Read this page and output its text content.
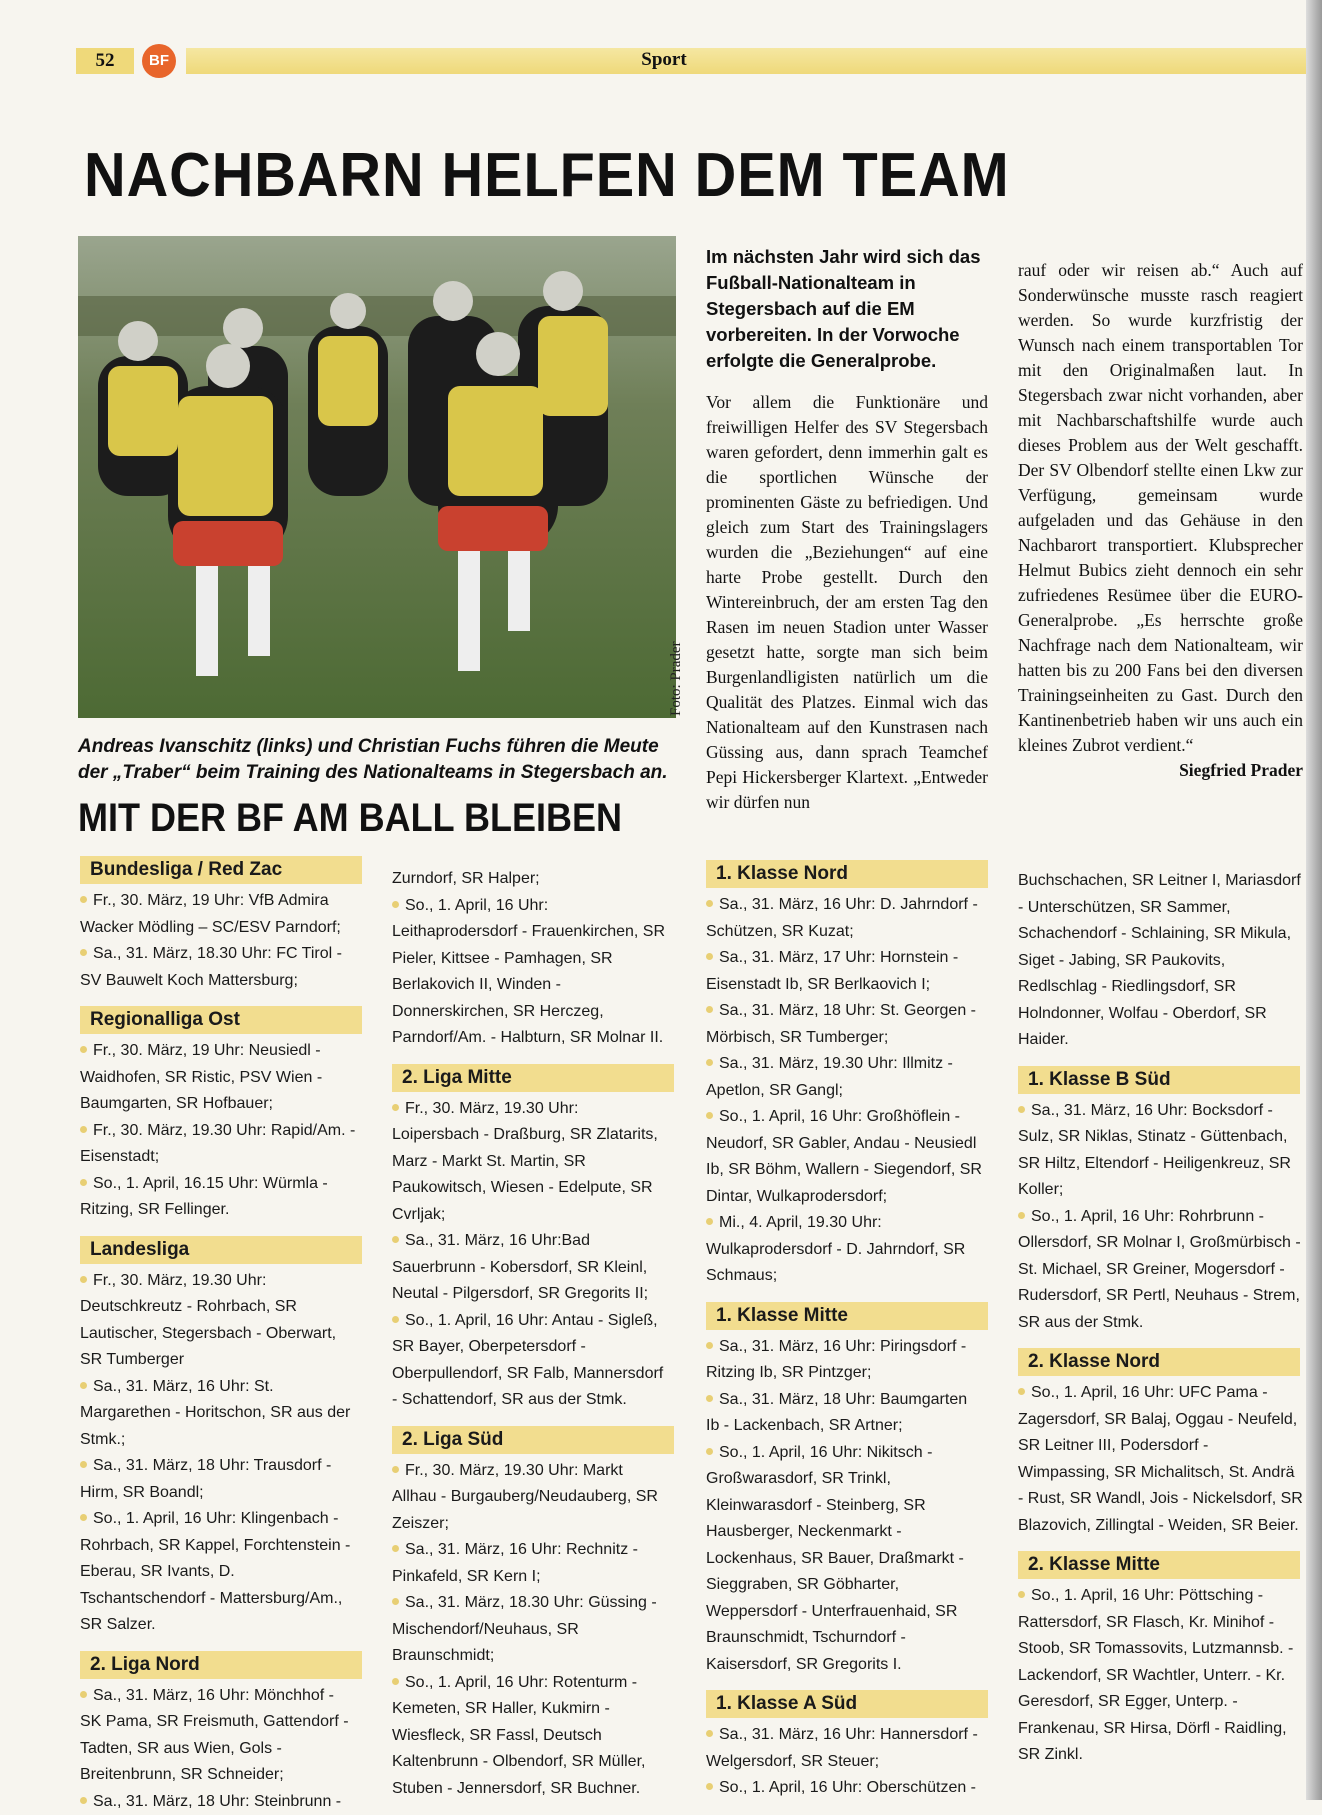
52	BF	Sport
NACHBARN HELFEN DEM TEAM
Foto: Prader
Andreas Ivanschitz (links) und Christian Fuchs führen die Meute der „Traber“ beim Training des Nationalteams in Stegersbach an.
MIT DER BF AM BALL BLEIBEN
Im nächsten Jahr wird sich das Fußball-Nationalteam in Stegersbach auf die EM vorbereiten. In der Vorwoche erfolgte die Generalprobe.
Vor allem die Funktionäre und freiwilligen Helfer des SV Stegersbach waren gefordert, denn immerhin galt es die sportlichen Wünsche der prominenten Gäste zu befriedigen. Und gleich zum Start des Trainingslagers wurden die „Beziehungen“ auf eine harte Probe gestellt. Durch den Wintereinbruch, der am ersten Tag den Rasen im neuen Stadion unter Wasser gesetzt hatte, sorgte man sich beim Burgenlandligisten natürlich um die Qualität des Platzes. Einmal wich das Nationalteam auf den Kunstrasen nach Güssing aus, dann sprach Teamchef Pepi Hickersberger Klartext. „Entweder wir dürfen nun
rauf oder wir reisen ab.“ Auch auf Sonderwünsche musste rasch reagiert werden. So wurde kurzfristig der Wunsch nach einem transportablen Tor mit den Originalmaßen laut. In Stegersbach zwar nicht vorhanden, aber mit Nachbarschaftshilfe wurde auch dieses Problem aus der Welt geschafft. Der SV Olbendorf stellte einen Lkw zur Verfügung, gemeinsam wurde aufgeladen und das Gehäuse in den Nachbarort transportiert. Klubsprecher Helmut Bubics zieht dennoch ein sehr zufriedenes Resümee über die EURO-Generalprobe. „Es herrschte große Nachfrage nach dem Nationalteam, wir hatten bis zu 200 Fans bei den diversen Trainingseinheiten zu Gast. Durch den Kantinenbetrieb haben wir uns auch ein kleines Zubrot verdient.“
Siegfried Prader
Bundesliga / Red Zac

Fr., 30. März, 19 Uhr: VfB Admira Wacker Mödling – SC/ESV Parndorf;

Sa., 31. März, 18.30 Uhr: FC Tirol - SV Bauwelt Koch Mattersburg;

Regionalliga Ost

Fr., 30. März, 19 Uhr: Neusiedl - Waidhofen, SR Ristic, PSV Wien - Baumgarten, SR Hofbauer;

Fr., 30. März, 19.30 Uhr: Rapid/Am. - Eisenstadt;

So., 1. April, 16.15 Uhr: Würmla - Ritzing, SR Fellinger.

Landesliga

Fr., 30. März, 19.30 Uhr: Deutschkreutz - Rohrbach, SR Lautischer, Stegersbach - Oberwart, SR Tumberger

Sa., 31. März, 16 Uhr: St. Margarethen - Horitschon, SR aus der Stmk.;

Sa., 31. März, 18 Uhr: Trausdorf - Hirm, SR Boandl;

So., 1. April, 16 Uhr: Klingenbach - Rohrbach, SR Kappel, Forchtenstein - Eberau, SR Ivants, D. Tschantschendorf - Mattersburg/Am., SR Salzer.

2. Liga Nord

Sa., 31. März, 16 Uhr: Mönchhof - SK Pama, SR Freismuth, Gattendorf - Tadten, SR aus Wien, Gols - Breitenbrunn, SR Schneider;

Sa., 31. März, 18 Uhr: Steinbrunn -

Zurndorf, SR Halper;

So., 1. April, 16 Uhr: Leithaprodersdorf - Frauenkirchen, SR Pieler, Kittsee - Pamhagen, SR Berlakovich II, Winden - Donnerskirchen, SR Herczeg, Parndorf/Am. - Halbturn, SR Molnar II.

2. Liga Mitte

Fr., 30. März, 19.30 Uhr: Loipersbach - Draßburg, SR Zlatarits, Marz - Markt St. Martin, SR Paukowitsch, Wiesen - Edelpute, SR Cvrljak;

Sa., 31. März, 16 Uhr:Bad Sauerbrunn - Kobersdorf, SR Kleinl, Neutal - Pilgersdorf, SR Gregorits II;

So., 1. April, 16 Uhr: Antau - Sigleß, SR Bayer, Oberpetersdorf - Oberpullendorf, SR Falb, Mannersdorf - Schattendorf, SR aus der Stmk.

2. Liga Süd

Fr., 30. März, 19.30 Uhr: Markt Allhau - Burgauberg/Neudauberg, SR Zeiszer;

Sa., 31. März, 16 Uhr: Rechnitz - Pinkafeld, SR Kern I;

Sa., 31. März, 18.30 Uhr: Güssing - Mischendorf/Neuhaus, SR Braunschmidt;

So., 1. April, 16 Uhr: Rotenturm - Kemeten, SR Haller, Kukmirn - Wiesfleck, SR Fassl, Deutsch Kaltenbrunn - Olbendorf, SR Müller, Stuben - Jennersdorf, SR Buchner.

1. Klasse Nord

Sa., 31. März, 16 Uhr: D. Jahrndorf - Schützen, SR Kuzat;

Sa., 31. März, 17 Uhr: Hornstein - Eisenstadt Ib, SR Berlkaovich I;

Sa., 31. März, 18 Uhr: St. Georgen - Mörbisch, SR Tumberger;

Sa., 31. März, 19.30 Uhr: Illmitz - Apetlon, SR Gangl;

So., 1. April, 16 Uhr: Großhöflein - Neudorf, SR Gabler, Andau - Neusiedl Ib, SR Böhm, Wallern - Siegendorf, SR Dintar, Wulkaprodersdorf;

Mi., 4. April, 19.30 Uhr: Wulkaprodersdorf - D. Jahrndorf, SR Schmaus;

1. Klasse Mitte

Sa., 31. März, 16 Uhr: Piringsdorf - Ritzing Ib, SR Pintzger;

Sa., 31. März, 18 Uhr: Baumgarten Ib - Lackenbach, SR Artner;

So., 1. April, 16 Uhr: Nikitsch - Großwarasdorf, SR Trinkl, Kleinwarasdorf - Steinberg, SR Hausberger, Neckenmarkt - Lockenhaus, SR Bauer, Draßmarkt - Sieggraben, SR Göbharter, Weppersdorf - Unterfrauenhaid, SR Braunschmidt, Tschurndorf - Kaisersdorf, SR Gregorits I.

1. Klasse A Süd

Sa., 31. März, 16 Uhr: Hannersdorf - Welgersdorf, SR Steuer;

So., 1. April, 16 Uhr: Oberschützen -

Buchschachen, SR Leitner I, Mariasdorf - Unterschützen, SR Sammer, Schachendorf - Schlaining, SR Mikula, Siget - Jabing, SR Paukovits, Redlschlag - Riedlingsdorf, SR Holndonner, Wolfau - Oberdorf, SR Haider.

1. Klasse B Süd

Sa., 31. März, 16 Uhr: Bocksdorf - Sulz, SR Niklas, Stinatz - Güttenbach, SR Hiltz, Eltendorf - Heiligenkreuz, SR Koller;

So., 1. April, 16 Uhr: Rohrbrunn - Ollersdorf, SR Molnar I, Großmürbisch - St. Michael, SR Greiner, Mogersdorf - Rudersdorf, SR Pertl, Neuhaus - Strem, SR aus der Stmk.

2. Klasse Nord

So., 1. April, 16 Uhr: UFC Pama - Zagersdorf, SR Balaj, Oggau - Neufeld, SR Leitner III, Podersdorf - Wimpassing, SR Michalitsch, St. Andrä - Rust, SR Wandl, Jois - Nickelsdorf, SR Blazovich, Zillingtal - Weiden, SR Beier.

2. Klasse Mitte

So., 1. April, 16 Uhr: Pöttsching - Rattersdorf, SR Flasch, Kr. Minihof - Stoob, SR Tomassovits, Lutzmannsb. - Lackendorf, SR Wachtler, Unterr. - Kr. Geresdorf, SR Egger, Unterp. - Frankenau, SR Hirsa, Dörfl - Raidling, SR Zinkl.
